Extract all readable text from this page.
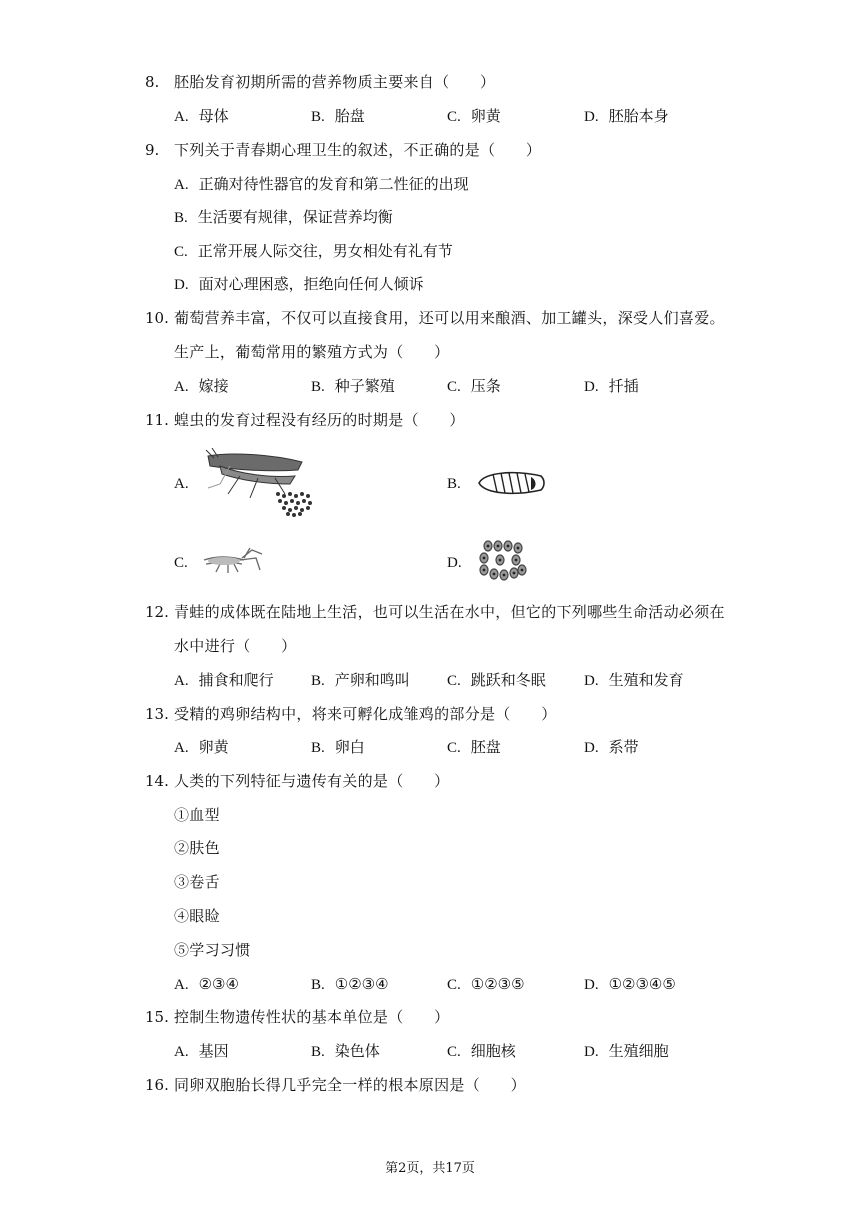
8. 胚胎发育初期所需的营养物质主要来自（　　）
A. 母体	B. 胎盘	C. 卵黄	D. 胚胎本身
9. 下列关于青春期心理卫生的叙述，不正确的是（　　）
A. 正确对待性器官的发育和第二性征的出现
B. 生活要有规律，保证营养均衡
C. 正常开展人际交往，男女相处有礼有节
D. 面对心理困惑，拒绝向任何人倾诉
10. 葡萄营养丰富，不仅可以直接食用，还可以用来酿酒、加工罐头，深受人们喜爱。
生产上，葡萄常用的繁殖方式为（　　）
A. 嫁接	B. 种子繁殖	C. 压条	D. 扦插
11. 蝗虫的发育过程没有经历的时期是（　　）
A.	B.
C.	D.
12. 青蛙的成体既在陆地上生活，也可以生活在水中，但它的下列哪些生命活动必须在
水中进行（　　）
A. 捕食和爬行 B. 产卵和鸣叫 C. 跳跃和冬眠	D. 生殖和发育
13. 受精的鸡卵结构中，将来可孵化成雏鸡的部分是（　　）
A. 卵黄	B. 卵白	C. 胚盘	D. 系带
14. 人类的下列特征与遗传有关的是（　　）
①血型
②肤色
③卷舌
④眼睑
⑤学习习惯
A. ②③④	B. ①②③④	C. ①②③⑤	D. ①②③④⑤
15. 控制生物遗传性状的基本单位是（　　）
A. 基因	B. 染色体	C. 细胞核	D. 生殖细胞
16. 同卵双胞胎长得几乎完全一样的根本原因是（　　）
第2页，共17页
